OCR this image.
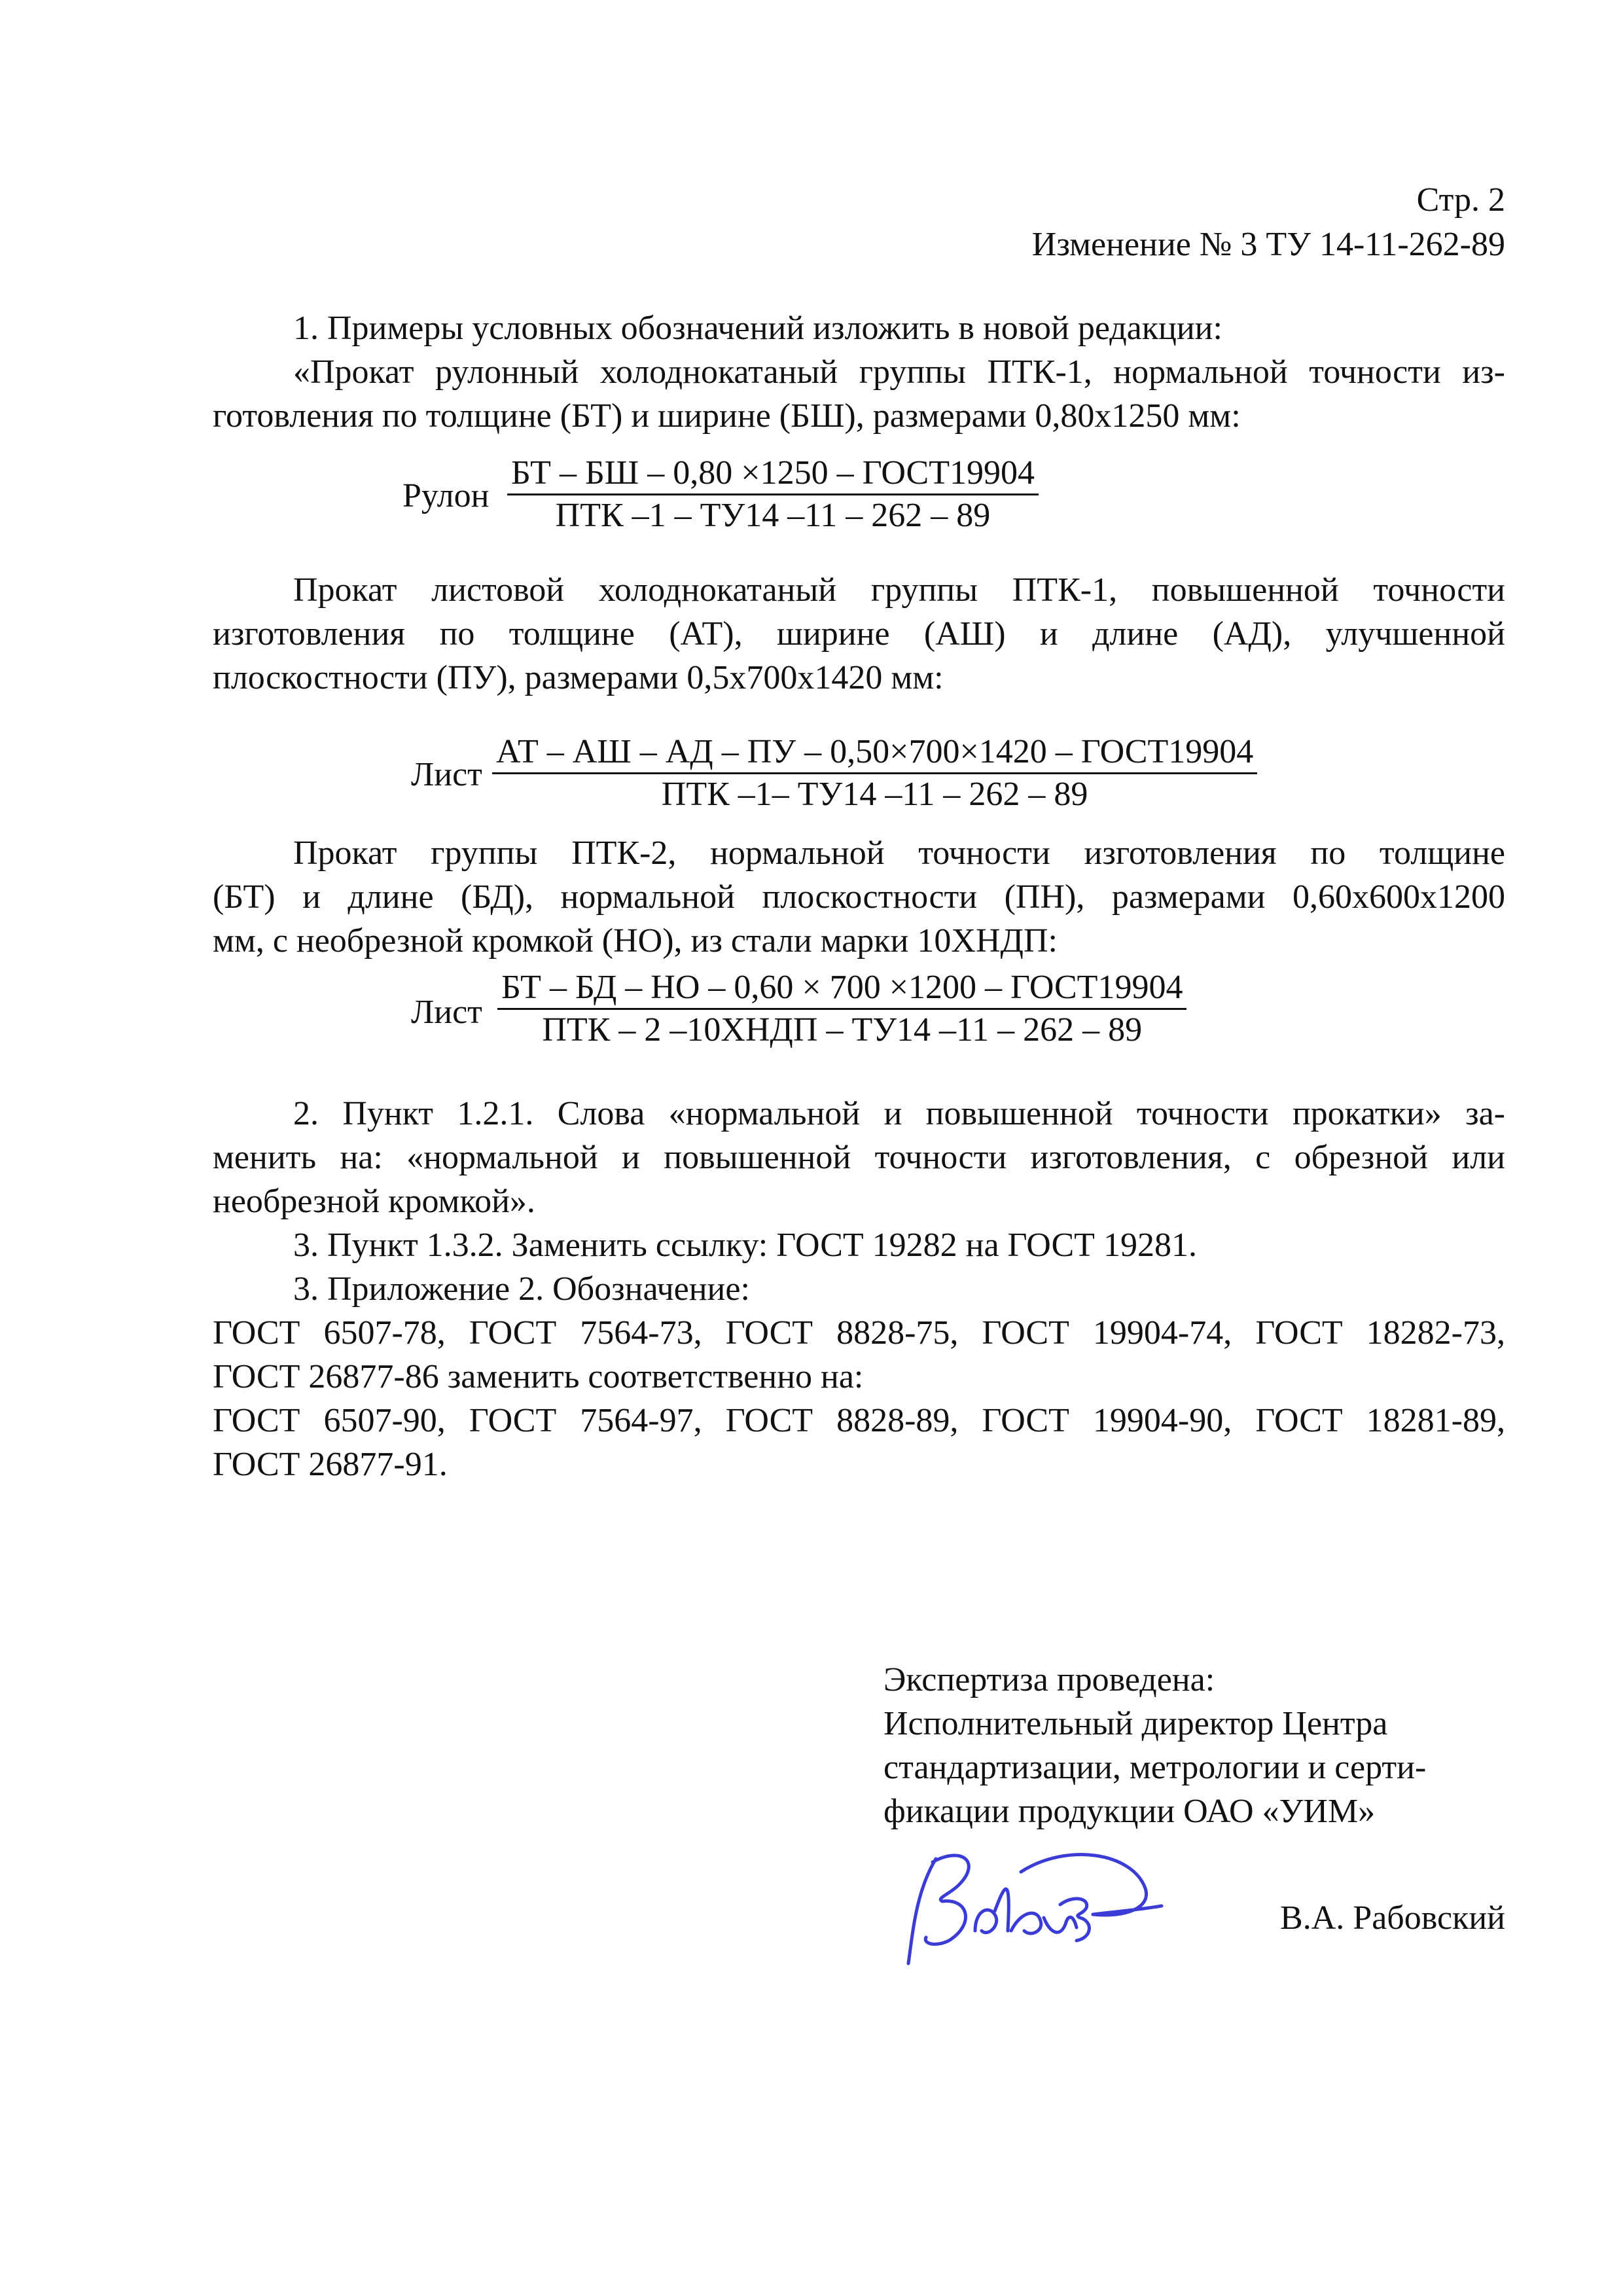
Стр. 2
Изменение № 3 ТУ 14-11-262-89
1. Примеры условных обозначений изложить в новой редакции:
«Прокат рулонный холоднокатаный группы ПТК-1, нормальной точности из-
готовления по толщине (БТ) и ширине (БШ), размерами 0,80х1250 мм:
Рулон
БТ – БШ – 0,80 ×1250 – ГОСТ19904
ПТК –1 – ТУ14 –11 – 262 – 89
Прокат листовой холоднокатаный группы ПТК-1, повышенной точности
изготовления по толщине (АТ), ширине (АШ) и длине (АД), улучшенной
плоскостности (ПУ), размерами 0,5х700х1420 мм:
Лист
АТ – АШ – АД – ПУ – 0,50×700×1420 – ГОСТ19904
ПТК –1– ТУ14 –11 – 262 – 89
Прокат группы ПТК-2, нормальной точности изготовления по толщине
(БТ) и длине (БД), нормальной плоскостности (ПН), размерами 0,60х600х1200
мм, с необрезной кромкой (НО), из стали марки 10ХНДП:
Лист
БТ – БД – НО – 0,60 × 700 ×1200 – ГОСТ19904
ПТК – 2 –10ХНДП – ТУ14 –11 – 262 – 89
2. Пункт 1.2.1. Слова «нормальной и повышенной точности прокатки» за-
менить на: «нормальной и повышенной точности изготовления, с обрезной или
необрезной кромкой».
3. Пункт 1.3.2. Заменить ссылку: ГОСТ 19282 на ГОСТ 19281.
3. Приложение 2. Обозначение:
ГОСТ 6507-78, ГОСТ 7564-73, ГОСТ 8828-75, ГОСТ 19904-74, ГОСТ 18282-73,
ГОСТ 26877-86 заменить соответственно на:
ГОСТ 6507-90, ГОСТ 7564-97, ГОСТ 8828-89, ГОСТ 19904-90, ГОСТ 18281-89,
ГОСТ 26877-91.
Экспертиза проведена:
Исполнительный директор Центра
стандартизации, метрологии и серти-
фикации продукции ОАО «УИМ»
В.А. Рабовский
